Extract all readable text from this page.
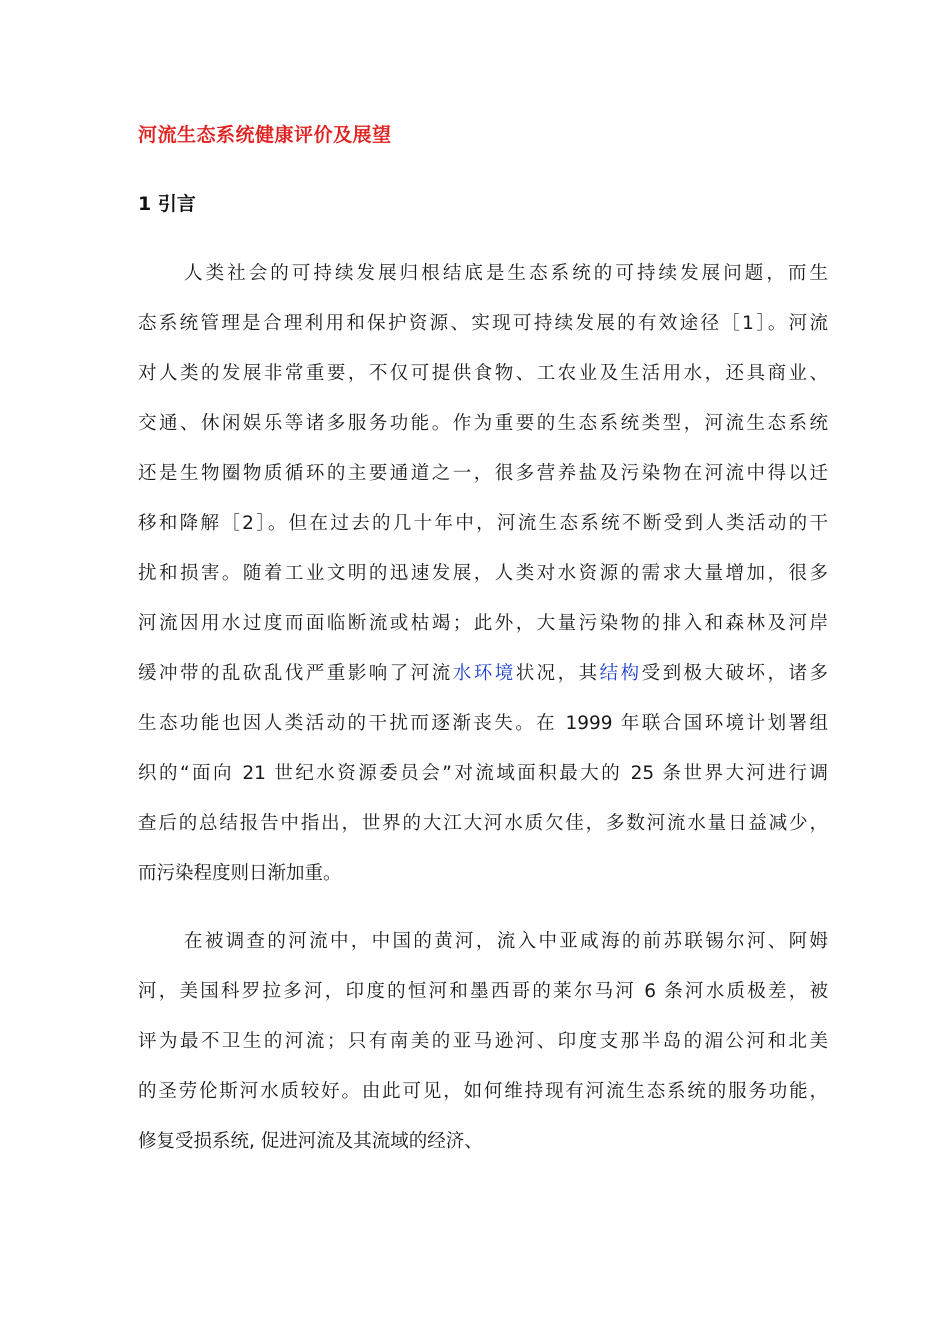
河流生态系统健康评价及展望
1 引言
人类社会的可持续发展归根结底是生态系统的可持续发展问题，而生
态系统管理是合理利用和保护资源、实现可持续发展的有效途径［1］。河流
对人类的发展非常重要，不仅可提供食物、工农业及生活用水，还具商业、
交通、休闲娱乐等诸多服务功能。作为重要的生态系统类型，河流生态系统
还是生物圈物质循环的主要通道之一，很多营养盐及污染物在河流中得以迁
移和降解［2］。但在过去的几十年中，河流生态系统不断受到人类活动的干
扰和损害。随着工业文明的迅速发展，人类对水资源的需求大量增加，很多
河流因用水过度而面临断流或枯竭；此外，大量污染物的排入和森林及河岸
缓冲带的乱砍乱伐严重影响了河流水环境状况，其结构受到极大破坏，诸多
生态功能也因人类活动的干扰而逐渐丧失。在 1999 年联合国环境计划署组
织的“面向 21 世纪水资源委员会”对流域面积最大的 25 条世界大河进行调
查后的总结报告中指出，世界的大江大河水质欠佳，多数河流水量日益减少，
而污染程度则日渐加重。
在被调查的河流中，中国的黄河，流入中亚咸海的前苏联锡尔河、阿姆
河，美国科罗拉多河，印度的恒河和墨西哥的莱尔马河 6 条河水质极差，被
评为最不卫生的河流；只有南美的亚马逊河、印度支那半岛的湄公河和北美
的圣劳伦斯河水质较好。由此可见，如何维持现有河流生态系统的服务功能，
修复受损系统, 促进河流及其流域的经济、
